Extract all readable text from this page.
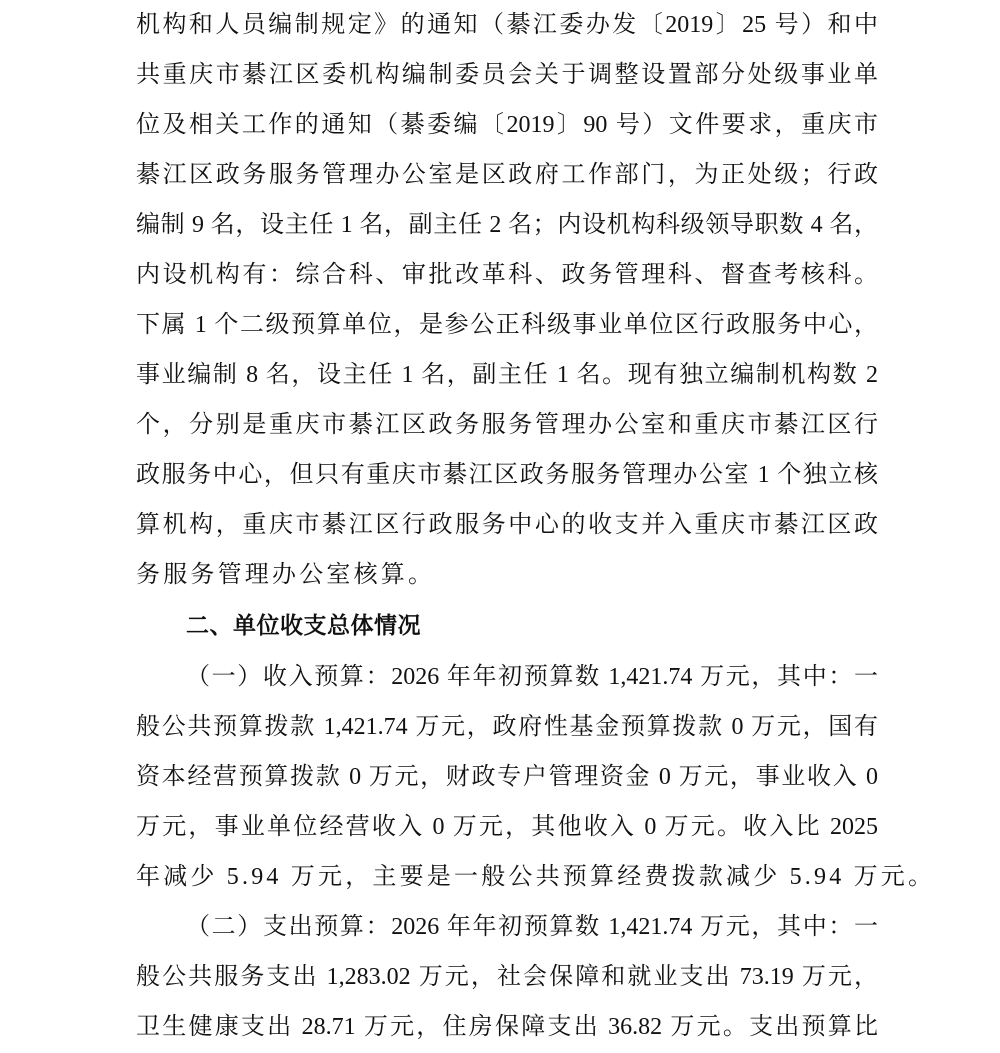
机构和人员编制规定》的通知（綦江委办发〔2019〕25 号）和中
共重庆市綦江区委机构编制委员会关于调整设置部分处级事业单
位及相关工作的通知（綦委编〔2019〕90 号）文件要求，重庆市
綦江区政务服务管理办公室是区政府工作部门，为正处级；行政
编制 9 名，设主任 1 名，副主任 2 名；内设机构科级领导职数 4 名，
内设机构有：综合科、审批改革科、政务管理科、督查考核科。
下属 1 个二级预算单位，是参公正科级事业单位区行政服务中心，
事业编制 8 名，设主任 1 名，副主任 1 名。现有独立编制机构数 2
个，分别是重庆市綦江区政务服务管理办公室和重庆市綦江区行
政服务中心，但只有重庆市綦江区政务服务管理办公室 1 个独立核
算机构，重庆市綦江区行政服务中心的收支并入重庆市綦江区政
务服务管理办公室核算。
二、单位收支总体情况
（一）收入预算：2026 年年初预算数 1,421.74 万元，其中：一
般公共预算拨款 1,421.74 万元，政府性基金预算拨款 0 万元，国有
资本经营预算拨款 0 万元，财政专户管理资金 0 万元，事业收入 0
万元，事业单位经营收入 0 万元，其他收入 0 万元。收入比 2025
年减少 5.94 万元，主要是一般公共预算经费拨款减少 5.94 万元。
（二）支出预算：2026 年年初预算数 1,421.74 万元，其中：一
般公共服务支出 1,283.02 万元，社会保障和就业支出 73.19 万元，
卫生健康支出 28.71 万元，住房保障支出 36.82 万元。支出预算比
